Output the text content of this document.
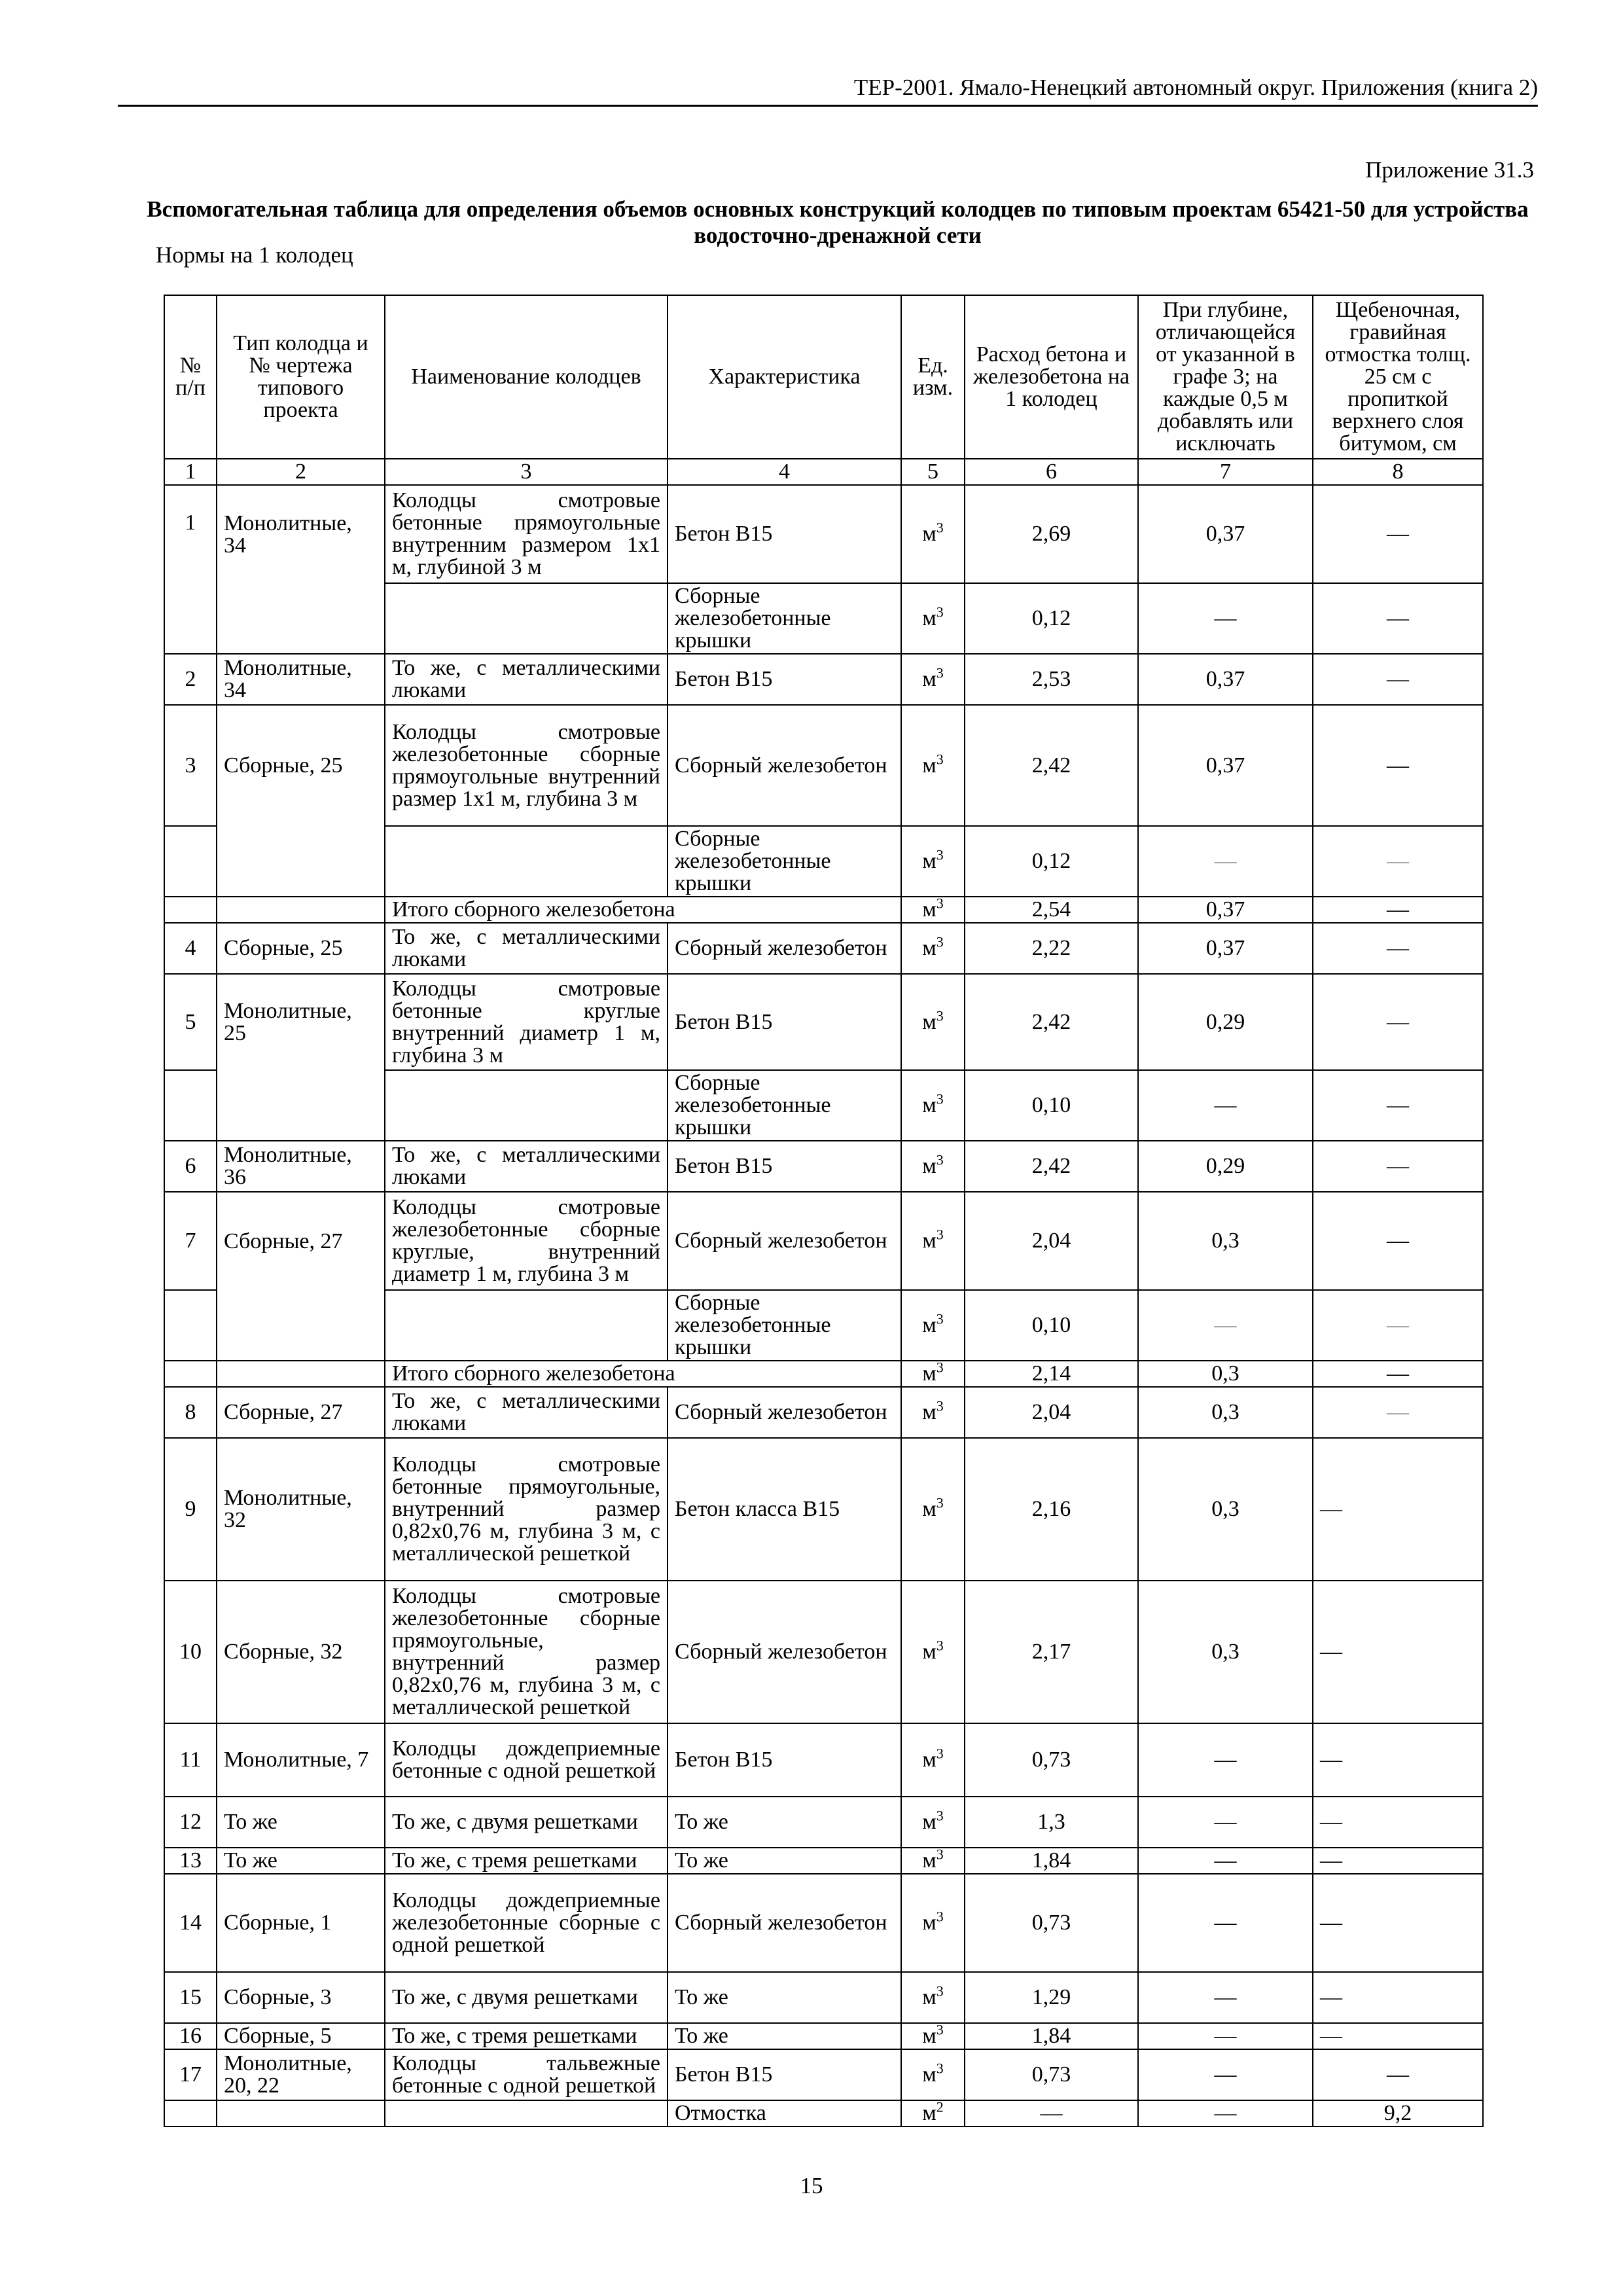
ТЕР-2001. Ямало-Ненецкий автономный округ. Приложения (книга 2)
Приложение 31.3
Вспомогательная таблица для определения объемов основных конструкций колодцев по типовым проектам 65421-50 для устройства водосточно-дренажной сети
Нормы на 1 колодец
№ п/п	Тип колодца и № чертежа типового проекта	Наименование колодцев	Характеристика	Ед. изм.	Расход бетона и железобетона на 1 колодец	При глубине, отличающейся от указанной в графе 3; на каждые 0,5 м добавлять или исключать	Щебеночная, гравийная отмостка толщ. 25 см с пропиткой верхнего слоя битумом, см
1	2	3	4	5	6	7	8
1	Монолитные, 34	Колодцы смотровые бетонные прямоугольные внутренним размером 1х1 м, глубиной 3 м	Бетон В15	$м^3$	2,69	0,37	—
			Сборные железобетонные крышки	$м^3$	0,12	—	—
2	Монолитные, 34	То же, с металлическими люками	Бетон В15	$м^3$	2,53	0,37	—
3	Сборные, 25	Колодцы смотровые железобетонные сборные прямоугольные внутренний размер 1х1 м, глубина 3 м	Сборный железобетон	$м^3$	2,42	0,37	—
			Сборные железобетонные крышки	$м^3$	0,12	—	—
		Итого сборного железобетона		$м^3$	2,54	0,37	—
4	Сборные, 25	То же, с металлическими люками	Сборный железобетон	$м^3$	2,22	0,37	—
5	Монолитные, 25	Колодцы смотровые бетонные круглые внутренний диаметр 1 м, глубина 3 м	Бетон В15	$м^3$	2,42	0,29	—
			Сборные железобетонные крышки	$м^3$	0,10	—	—
6	Монолитные, 36	То же, с металлическими люками	Бетон В15	$м^3$	2,42	0,29	—
7	Сборные, 27	Колодцы смотровые железобетонные сборные круглые, внутренний диаметр 1 м, глубина 3 м	Сборный железобетон	$м^3$	2,04	0,3	—
			Сборные железобетонные крышки	$м^3$	0,10	—	—
		Итого сборного железобетона		$м^3$	2,14	0,3	—
8	Сборные, 27	То же, с металлическими люками	Сборный железобетон	$м^3$	2,04	0,3	—
9	Монолитные, 32	Колодцы смотровые бетонные прямоугольные, внутренний размер 0,82х0,76 м, глубина 3 м, с металлической решеткой	Бетон класса В15	$м^3$	2,16	0,3	—
10	Сборные, 32	Колодцы смотровые железобетонные сборные прямоугольные, внутренний размер 0,82х0,76 м, глубина 3 м, с металлической решеткой	Сборный железобетон	$м^3$	2,17	0,3	—
11	Монолитные, 7	Колодцы дождеприемные бетонные с одной решеткой	Бетон В15	$м^3$	0,73	—	—
12	То же	То же, с двумя решетками	То же	$м^3$	1,3	—	—
13	То же	То же, с тремя решетками	То же	$м^3$	1,84	—	—
14	Сборные, 1	Колодцы дождеприемные железобетонные сборные с одной решеткой	Сборный железобетон	$м^3$	0,73	—	—
15	Сборные, 3	То же, с двумя решетками	То же	$м^3$	1,29	—	—
16	Сборные, 5	То же, с тремя решетками	То же	$м^3$	1,84	—	—
17	Монолитные, 20, 22	Колодцы тальвежные бетонные с одной решеткой	Бетон В15	$м^3$	0,73	—	—
			Отмостка	$м^2$	—	—	9,2
15
